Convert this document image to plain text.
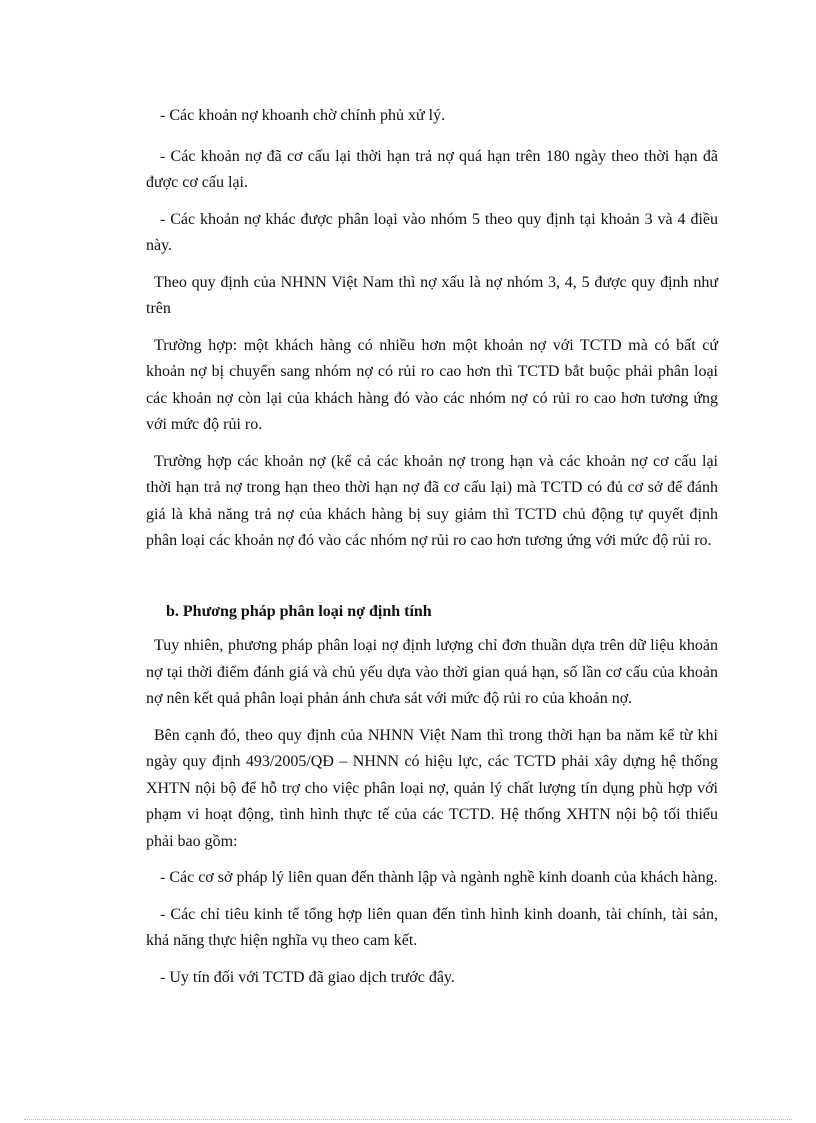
- Các khoản nợ khoanh chờ chính phủ xử lý.

- Các khoản nợ đã cơ cấu lại thời hạn trả nợ quá hạn trên 180 ngày theo thời hạn đã được cơ cấu lại.

- Các khoản nợ khác được phân loại vào nhóm 5 theo quy định tại khoản 3 và 4 điều này.

Theo quy định của NHNN Việt Nam thì nợ xấu là nợ nhóm 3, 4, 5 được quy định như trên

Trường hợp: một khách hàng có nhiều hơn một khoản nợ với TCTD mà có bất cứ khoản nợ bị chuyển sang nhóm nợ có rủi ro cao hơn thì TCTD bắt buộc phải phân loại các khoản nợ còn lại của khách hàng đó vào các nhóm nợ có rủi ro cao hơn tương ứng với mức độ rủi ro.

Trường hợp các khoản nợ (kể cả các khoản nợ trong hạn và các khoản nợ cơ cấu lại thời hạn trả nợ trong hạn theo thời hạn nợ đã cơ cấu lại) mà TCTD có đủ cơ sở để đánh giá là khả năng trả nợ của khách hàng bị suy giảm thì TCTD chủ động tự quyết định phân loại các khoản nợ đó vào các nhóm nợ rủi ro cao hơn tương ứng với mức độ rủi ro.

b. Phương pháp phân loại nợ định tính

Tuy nhiên, phương pháp phân loại nợ định lượng chỉ đơn thuần dựa trên dữ liệu khoản nợ tại thời điểm đánh giá và chủ yếu dựa vào thời gian quá hạn, số lần cơ cấu của khoản nợ nên kết quả phân loại phản ánh chưa sát với mức độ rủi ro của khoản nợ.

Bên cạnh đó, theo quy định của NHNN Việt Nam thì trong thời hạn ba năm kể từ khi ngày quy định 493/2005/QĐ – NHNN có hiệu lực, các TCTD phải xây dựng hệ thống XHTN nội bộ để hỗ trợ cho việc phân loại nợ, quản lý chất lượng tín dụng phù hợp với phạm vi hoạt động, tình hình thực tế của các TCTD. Hệ thống XHTN nội bộ tối thiểu phải bao gồm:

- Các cơ sở pháp lý liên quan đến thành lập và ngành nghề kinh doanh của khách hàng.

- Các chỉ tiêu kinh tế tổng hợp liên quan đến tình hình kinh doanh, tài chính, tài sản, khả năng thực hiện nghĩa vụ theo cam kết.

- Uy tín đối với TCTD đã giao dịch trước đây.
